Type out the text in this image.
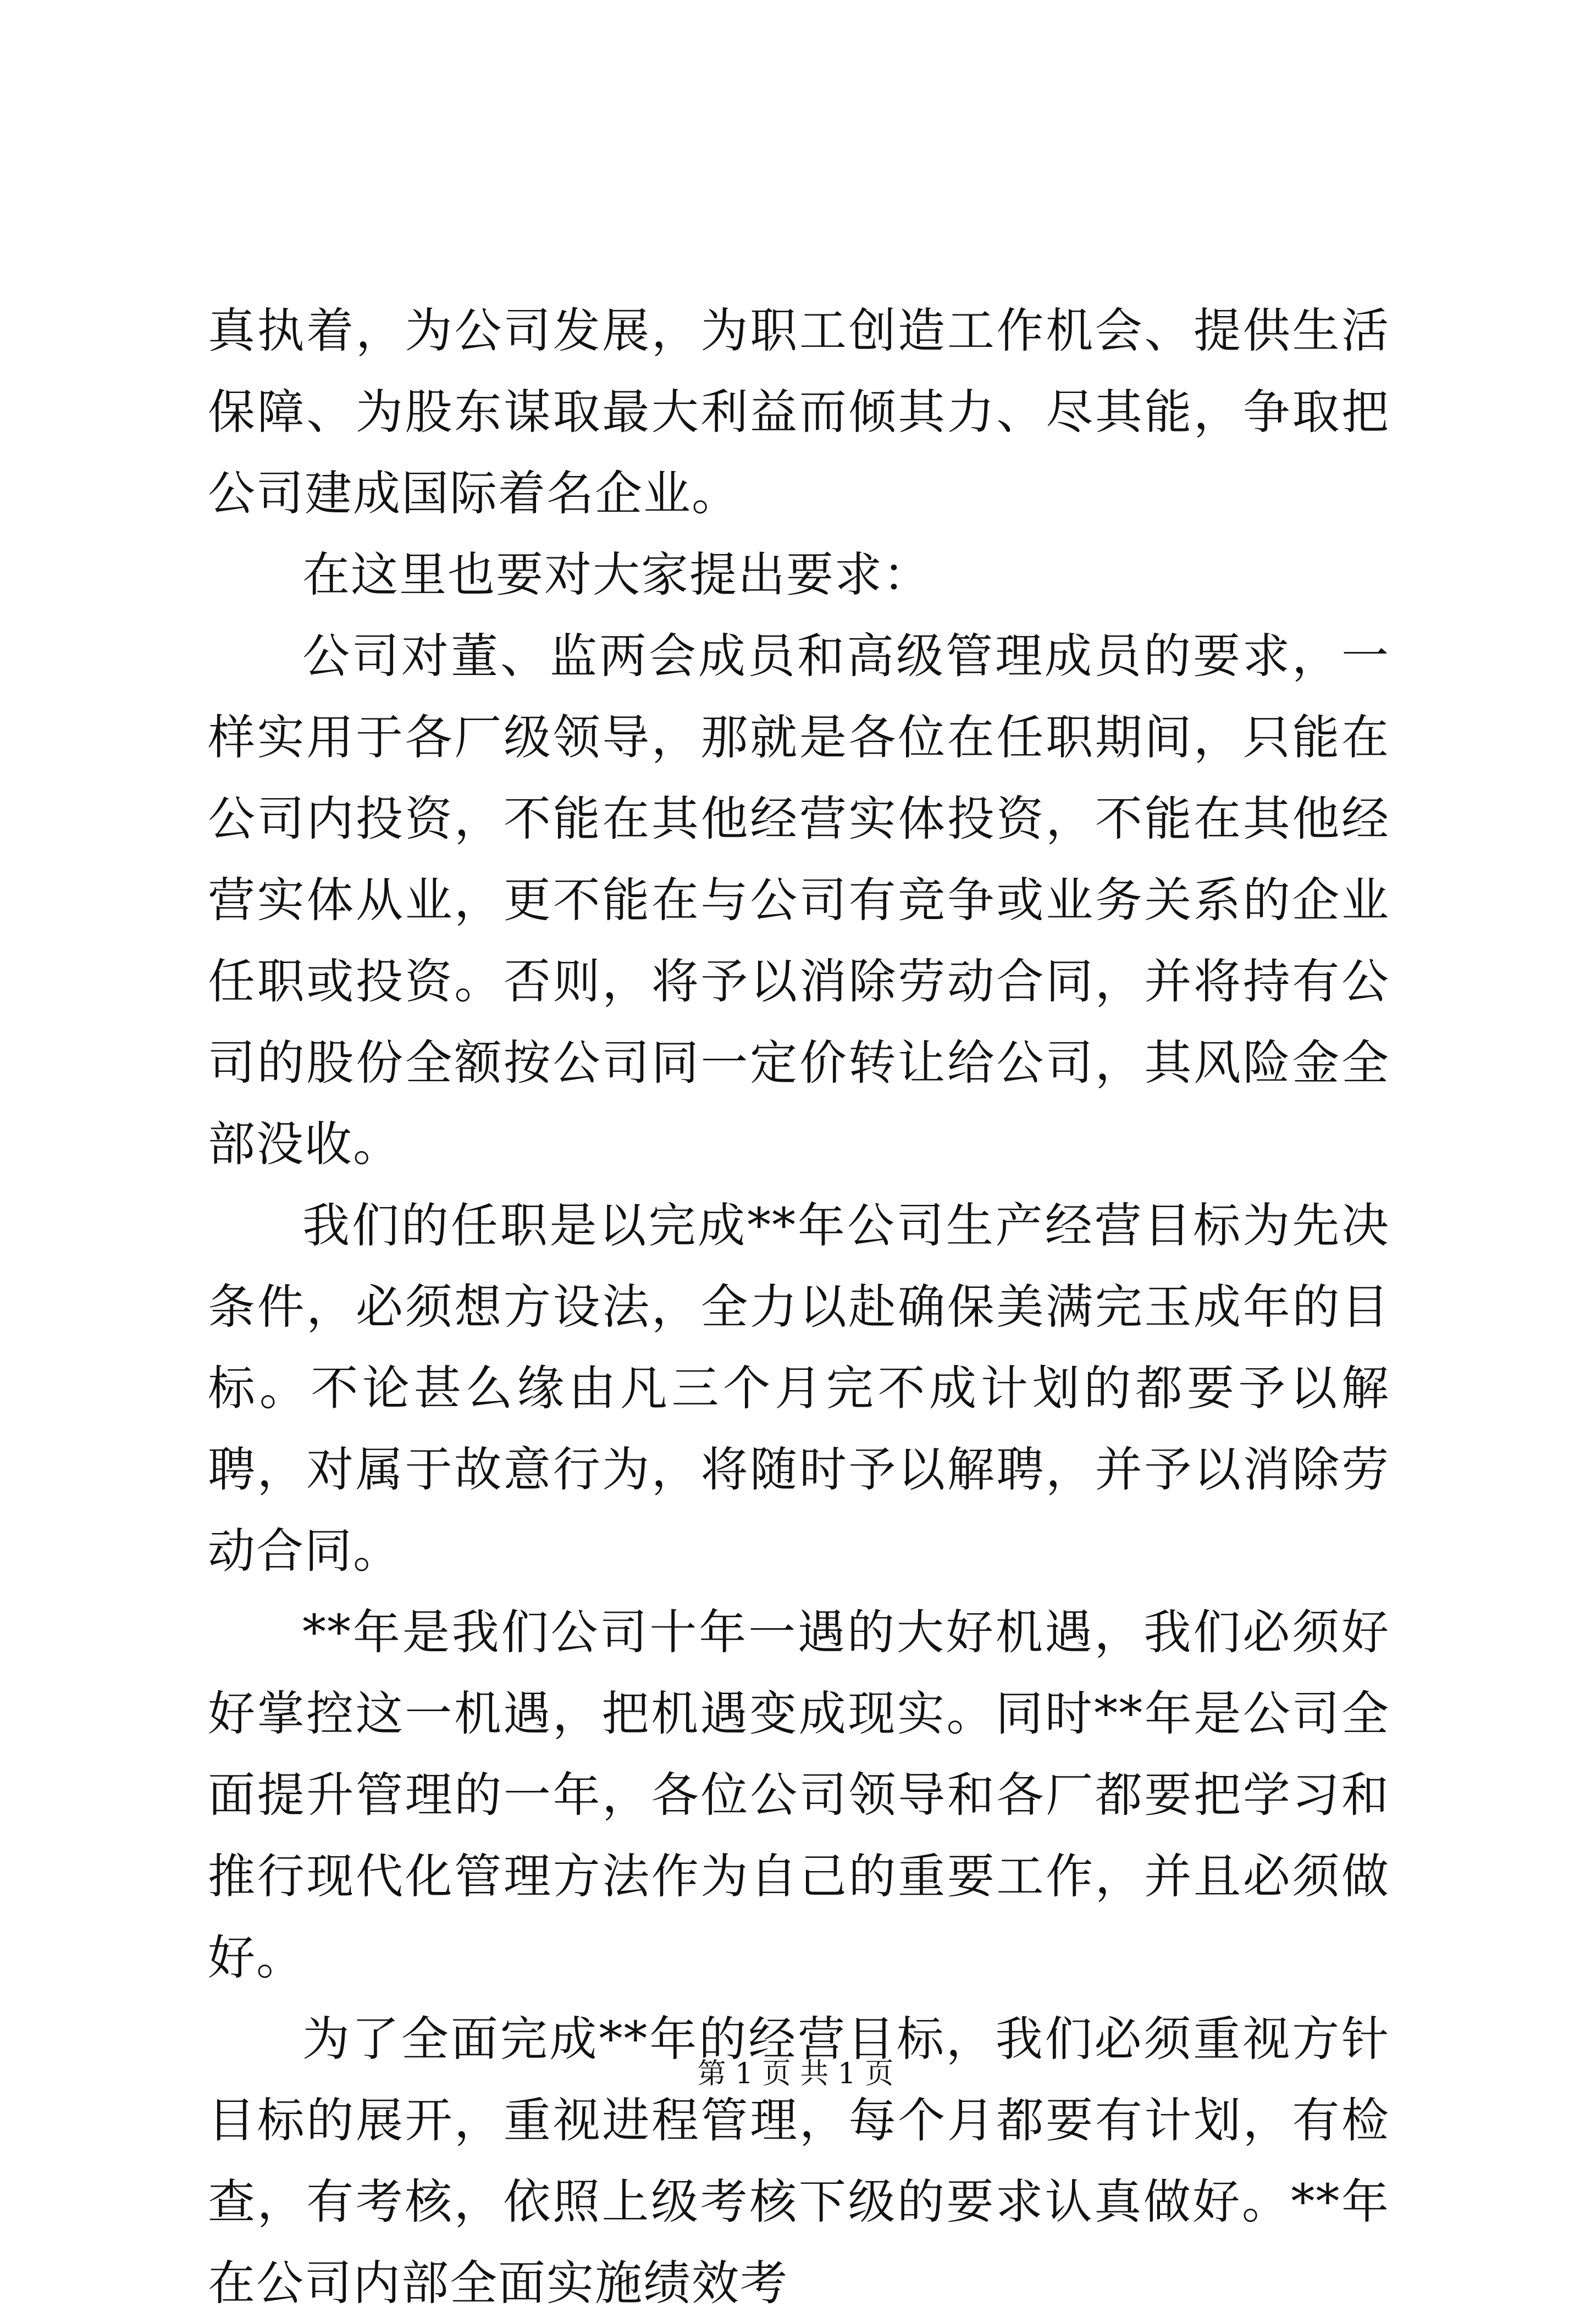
真执着，为公司发展，为职工创造工作机会、提供生活保障、为股东谋取最大利益而倾其力、尽其能，争取把公司建成国际着名企业。

在这里也要对大家提出要求：

公司对董、监两会成员和高级管理成员的要求，一样实用于各厂级领导，那就是各位在任职期间，只能在公司内投资，不能在其他经营实体投资，不能在其他经营实体从业，更不能在与公司有竞争或业务关系的企业任职或投资。否则，将予以消除劳动合同，并将持有公司的股份全额按公司同一定价转让给公司，其风险金全部没收。

我们的任职是以完成**年公司生产经营目标为先决条件，必须想方设法，全力以赴确保美满完玉成年的目标。不论甚么缘由凡三个月完不成计划的都要予以解聘，对属于故意行为，将随时予以解聘，并予以消除劳动合同。

**年是我们公司十年一遇的大好机遇，我们必须好好掌控这一机遇，把机遇变成现实。同时**年是公司全面提升管理的一年，各位公司领导和各厂都要把学习和推行现代化管理方法作为自己的重要工作，并且必须做好。

为了全面完成**年的经营目标，我们必须重视方针目标的展开，重视进程管理，每个月都要有计划，有检查，有考核，依照上级考核下级的要求认真做好。**年在公司内部全面实施绩效考

第 1 页 共 1 页
